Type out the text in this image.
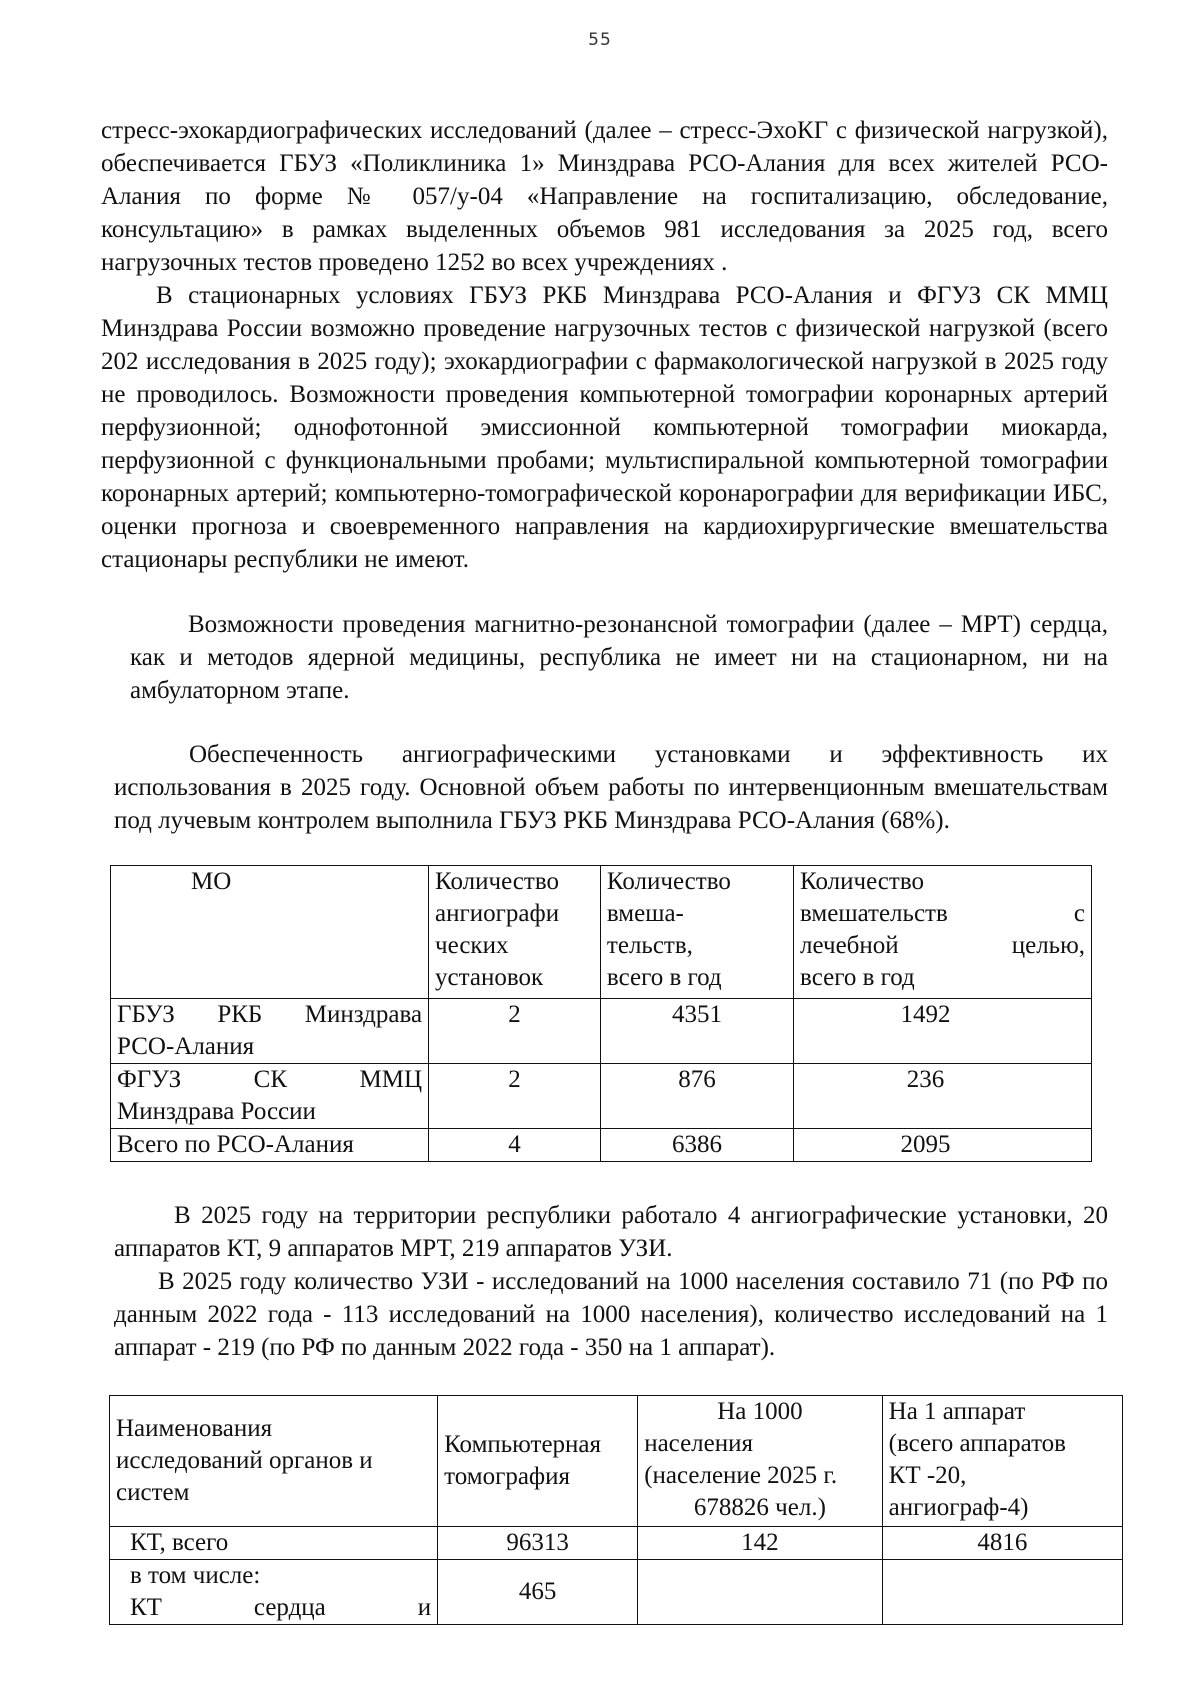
55

стресс-эхокардиографических исследований (далее – стресс-ЭхоКГ с физической нагрузкой), обеспечивается ГБУЗ «Поликлиника 1» Минздрава РСО-Алания для всех жителей РСО-Алания по форме № 057/у-04 «Направление на госпитализацию, обследование, консультацию» в рамках выделенных объемов 981 исследования за 2025 год, всего нагрузочных тестов проведено 1252 во всех учреждениях .

В стационарных условиях ГБУЗ РКБ Минздрава РСО-Алания и ФГУЗ СК ММЦ Минздрава России возможно проведение нагрузочных тестов с физической нагрузкой (всего 202 исследования в 2025 году); эхокардиографии с фармакологической нагрузкой в 2025 году не проводилось. Возможности проведения компьютерной томографии коронарных артерий перфузионной; однофотонной эмиссионной компьютерной томографии миокарда, перфузионной с функциональными пробами; мультиспиральной компьютерной томографии коронарных артерий; компьютерно-томографической коронарографии для верификации ИБС, оценки прогноза и своевременного направления на кардиохирургические вмешательства стационары республики не имеют.

Возможности проведения магнитно-резонансной томографии (далее – МРТ) сердца, как и методов ядерной медицины, республика не имеет ни на стационарном, ни на амбулаторном этапе.

Обеспеченность ангиографическими установками и эффективность их использования в 2025 году. Основной объем работы по интервенционным вмешательствам под лучевым контролем выполнила ГБУЗ РКБ Минздрава РСО-Алания (68%).

МО	Количество
ангиографи
ческих
установок	Количество
вмеша-
тельств,
всего в год	Количество
вмешательств с
лечебной целью,
всего в год

ГБУЗ РКБ Минздрава
РСО-Алания	2	4351	1492

ФГУЗ СК ММЦ
Минздрава России	2	876	236
Всего по РСО-Алания	4	6386	2095

В 2025 году на территории республики работало 4 ангиографические установки, 20 аппаратов КТ, 9 аппаратов МРТ, 219 аппаратов УЗИ.

В 2025 году количество УЗИ - исследований на 1000 населения составило 71 (по РФ по данным 2022 года - 113 исследований на 1000 населения), количество исследований на 1 аппарат - 219 (по РФ по данным 2022 года - 350 на 1 аппарат).

Наименования
исследований органов и
систем	Компьютерная
томография	На 1000
населения
(население 2025 г.
678826 чел.)	На 1 аппарат
(всего аппаратов
КТ -20,
ангиограф-4)

КТ, всего	96313	142	4816

в том числе:
КТ сердца и	465		
